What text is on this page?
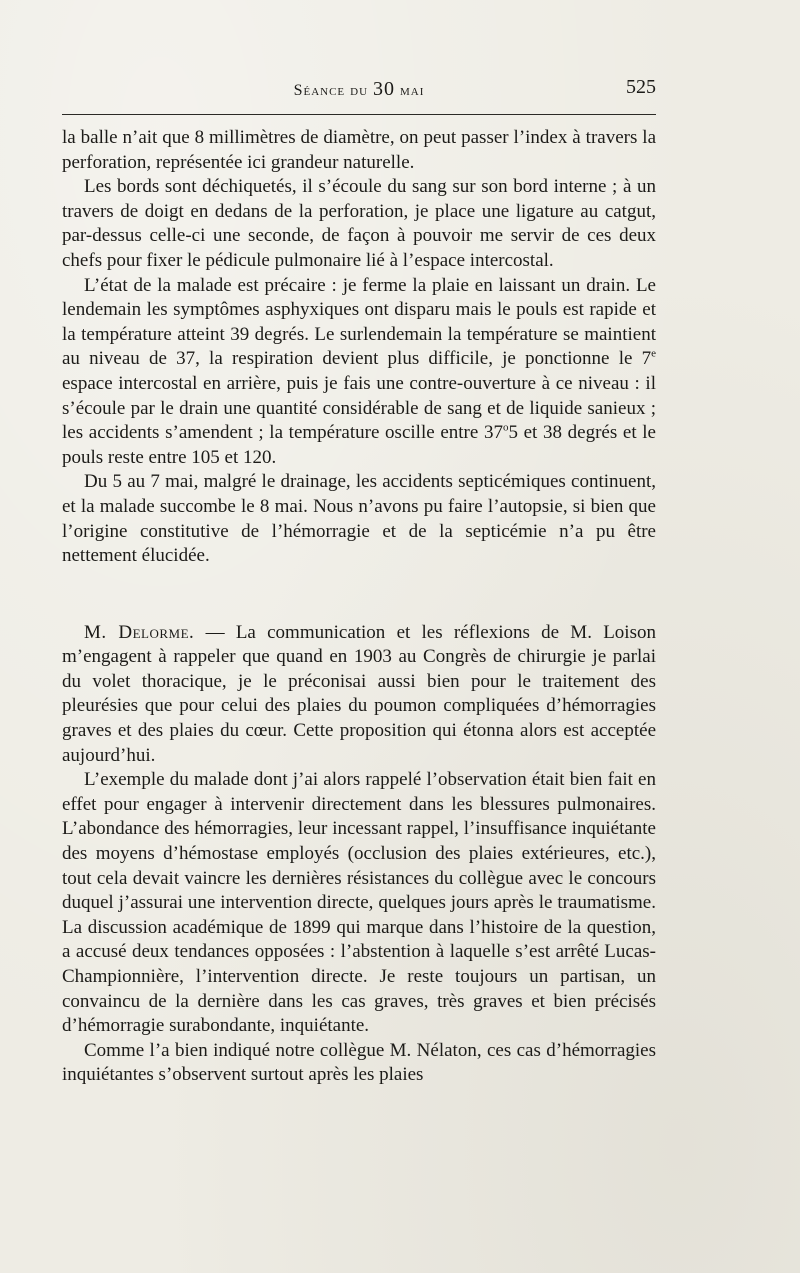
Séance du 30 mai	525

la balle n’ait que 8 millimètres de diamètre, on peut passer l’index à travers la perforation, représentée ici grandeur naturelle.

Les bords sont déchiquetés, il s’écoule du sang sur son bord interne ; à un travers de doigt en dedans de la perforation, je place une ligature au catgut, par-dessus celle-ci une seconde, de façon à pouvoir me servir de ces deux chefs pour fixer le pédicule pulmonaire lié à l’espace intercostal.

L’état de la malade est précaire : je ferme la plaie en laissant un drain. Le lendemain les symptômes asphyxiques ont disparu mais le pouls est rapide et la température atteint 39 degrés. Le surlendemain la température se maintient au niveau de 37, la respiration devient plus difficile, je ponctionne le 7e espace intercostal en arrière, puis je fais une contre-ouverture à ce niveau : il s’écoule par le drain une quantité considérable de sang et de liquide sanieux ; les accidents s’amendent ; la température oscille entre 37$^o$5 et 38 degrés et le pouls reste entre 105 et 120.

Du 5 au 7 mai, malgré le drainage, les accidents septicémiques continuent, et la malade succombe le 8 mai. Nous n’avons pu faire l’autopsie, si bien que l’origine constitutive de l’hémorragie et de la septicémie n’a pu être nettement élucidée.

M. Delorme. — La communication et les réflexions de M. Loison m’engagent à rappeler que quand en 1903 au Congrès de chirurgie je parlai du volet thoracique, je le préconisai aussi bien pour le traitement des pleurésies que pour celui des plaies du poumon compliquées d’hémorragies graves et des plaies du cœur. Cette proposition qui étonna alors est acceptée aujourd’hui.

L’exemple du malade dont j’ai alors rappelé l’observation était bien fait en effet pour engager à intervenir directement dans les blessures pulmonaires. L’abondance des hémorragies, leur incessant rappel, l’insuffisance inquiétante des moyens d’hémostase employés (occlusion des plaies extérieures, etc.), tout cela devait vaincre les dernières résistances du collègue avec le concours duquel j’assurai une intervention directe, quelques jours après le traumatisme. La discussion académique de 1899 qui marque dans l’histoire de la question, a accusé deux tendances opposées : l’abstention à laquelle s’est arrêté Lucas-Championnière, l’intervention directe. Je reste toujours un partisan, un convaincu de la dernière dans les cas graves, très graves et bien précisés d’hémorragie surabondante, inquiétante.

Comme l’a bien indiqué notre collègue M. Nélaton, ces cas d’hémorragies inquiétantes s’observent surtout après les plaies
